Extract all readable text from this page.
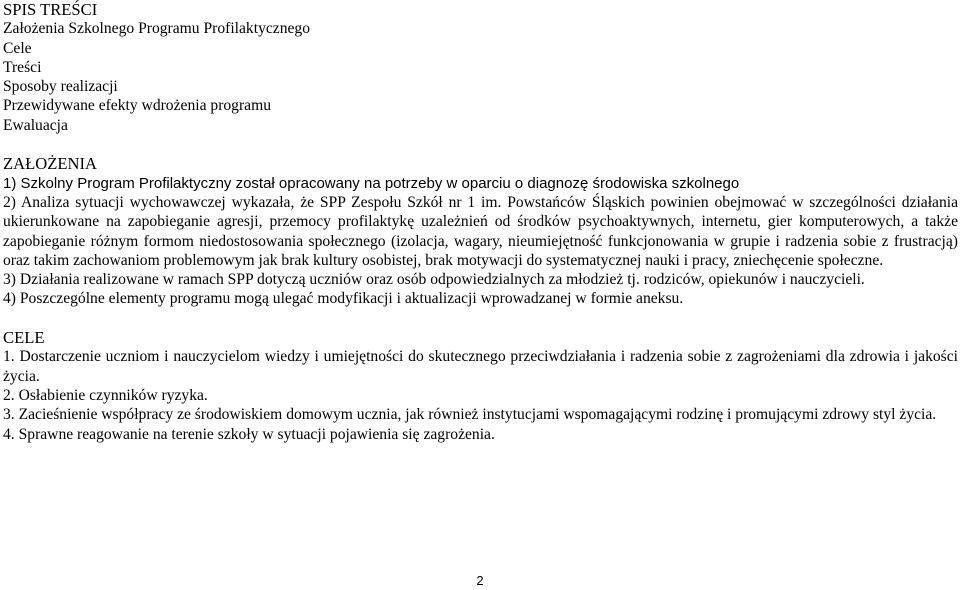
SPIS TREŚCI
Założenia Szkolnego Programu Profilaktycznego
Cele
Treści
Sposoby realizacji
Przewidywane efekty wdrożenia programu
Ewaluacja
ZAŁOŻENIA
1) Szkolny Program Profilaktyczny został opracowany na potrzeby w oparciu o diagnozę środowiska szkolnego

2) Analiza sytuacji wychowawczej wykazała, że SPP Zespołu Szkół nr 1 im. Powstańców Śląskich powinien obejmować w szczególności działania ukierunkowane na zapobieganie agresji, przemocy profilaktykę uzależnień od środków psychoaktywnych, internetu, gier komputerowych, a także zapobieganie różnym formom niedostosowania społecznego (izolacja, wagary, nieumiejętność funkcjonowania w grupie i radzenia sobie z frustracją) oraz takim zachowaniom problemowym jak brak kultury osobistej, brak motywacji do systematycznej nauki i pracy, zniechęcenie społeczne.

3) Działania realizowane w ramach SPP dotyczą uczniów oraz osób odpowiedzialnych za młodzież tj. rodziców, opiekunów i nauczycieli.

4) Poszczególne elementy programu mogą ulegać modyfikacji i aktualizacji wprowadzanej w formie aneksu.

CELE

1. Dostarczenie uczniom i nauczycielom wiedzy i umiejętności do skutecznego przeciwdziałania i radzenia sobie z zagrożeniami dla zdrowia i jakości życia.

2. Osłabienie czynników ryzyka.

3. Zacieśnienie współpracy ze środowiskiem domowym ucznia, jak również instytucjami wspomagającymi rodzinę i promującymi zdrowy styl życia.

4. Sprawne reagowanie na terenie szkoły w sytuacji pojawienia się zagrożenia.

2
